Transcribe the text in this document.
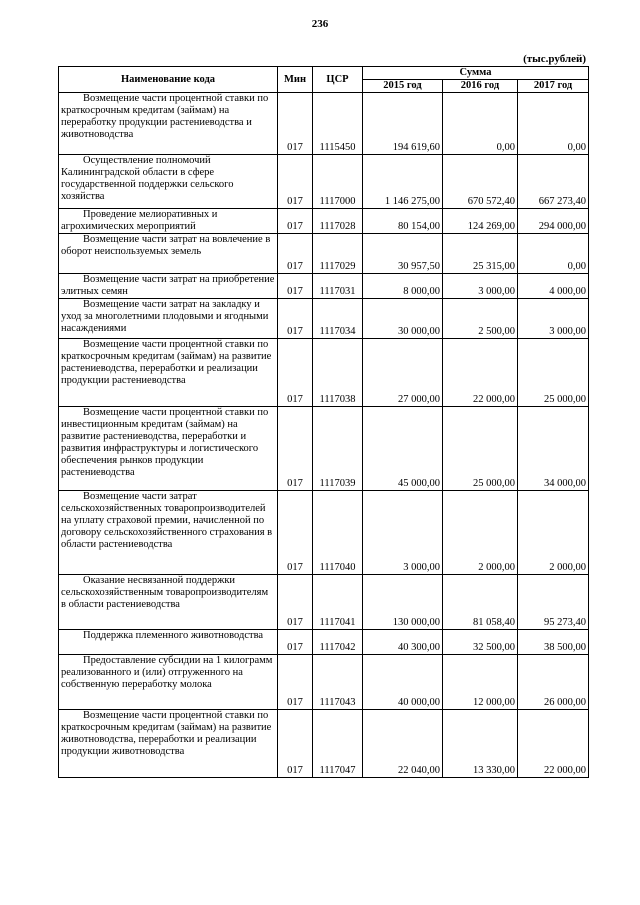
236
(тыс.рублей)
Наименование кода	Мин	ЦСР	Сумма		
			2015 год	2016 год	2017 год
Возмещение части процентной ставки по краткосрочным кредитам (займам) на переработку продукции растениеводства и животноводства	017	1115450	194 619,60	0,00	0,00
Осуществление полномочий Калининградской области в сфере государственной поддержки сельского хозяйства	017	1117000	1 146 275,00	670 572,40	667 273,40
Проведение мелиоративных и агрохимических мероприятий	017	1117028	80 154,00	124 269,00	294 000,00
Возмещение части затрат на вовлечение в оборот неиспользуемых земель	017	1117029	30 957,50	25 315,00	0,00
Возмещение части затрат на приобретение элитных семян	017	1117031	8 000,00	3 000,00	4 000,00
Возмещение части затрат на закладку и уход за многолетними плодовыми и ягодными насаждениями	017	1117034	30 000,00	2 500,00	3 000,00
Возмещение части процентной ставки по краткосрочным кредитам (займам) на развитие растениеводства, переработки и реализации продукции растениеводства	017	1117038	27 000,00	22 000,00	25 000,00
Возмещение части процентной ставки по инвестиционным кредитам (займам) на развитие растениеводства, переработки и развития инфраструктуры и логистического обеспечения рынков продукции растениеводства	017	1117039	45 000,00	25 000,00	34 000,00
Возмещение части затрат сельскохозяйственных товаропроизводителей на уплату страховой премии, начисленной по договору сельскохозяйственного страхования в области растениеводства	017	1117040	3 000,00	2 000,00	2 000,00
Оказание несвязанной поддержки сельскохозяйственным товаропроизводителям в области растениеводства	017	1117041	130 000,00	81 058,40	95 273,40
Поддержка племенного животноводства	017	1117042	40 300,00	32 500,00	38 500,00
Предоставление субсидии на 1 килограмм реализованного и (или) отгруженного на собственную переработку молока	017	1117043	40 000,00	12 000,00	26 000,00
Возмещение части процентной ставки по краткосрочным кредитам (займам) на развитие животноводства, переработки и реализации продукции животноводства	017	1117047	22 040,00	13 330,00	22 000,00
